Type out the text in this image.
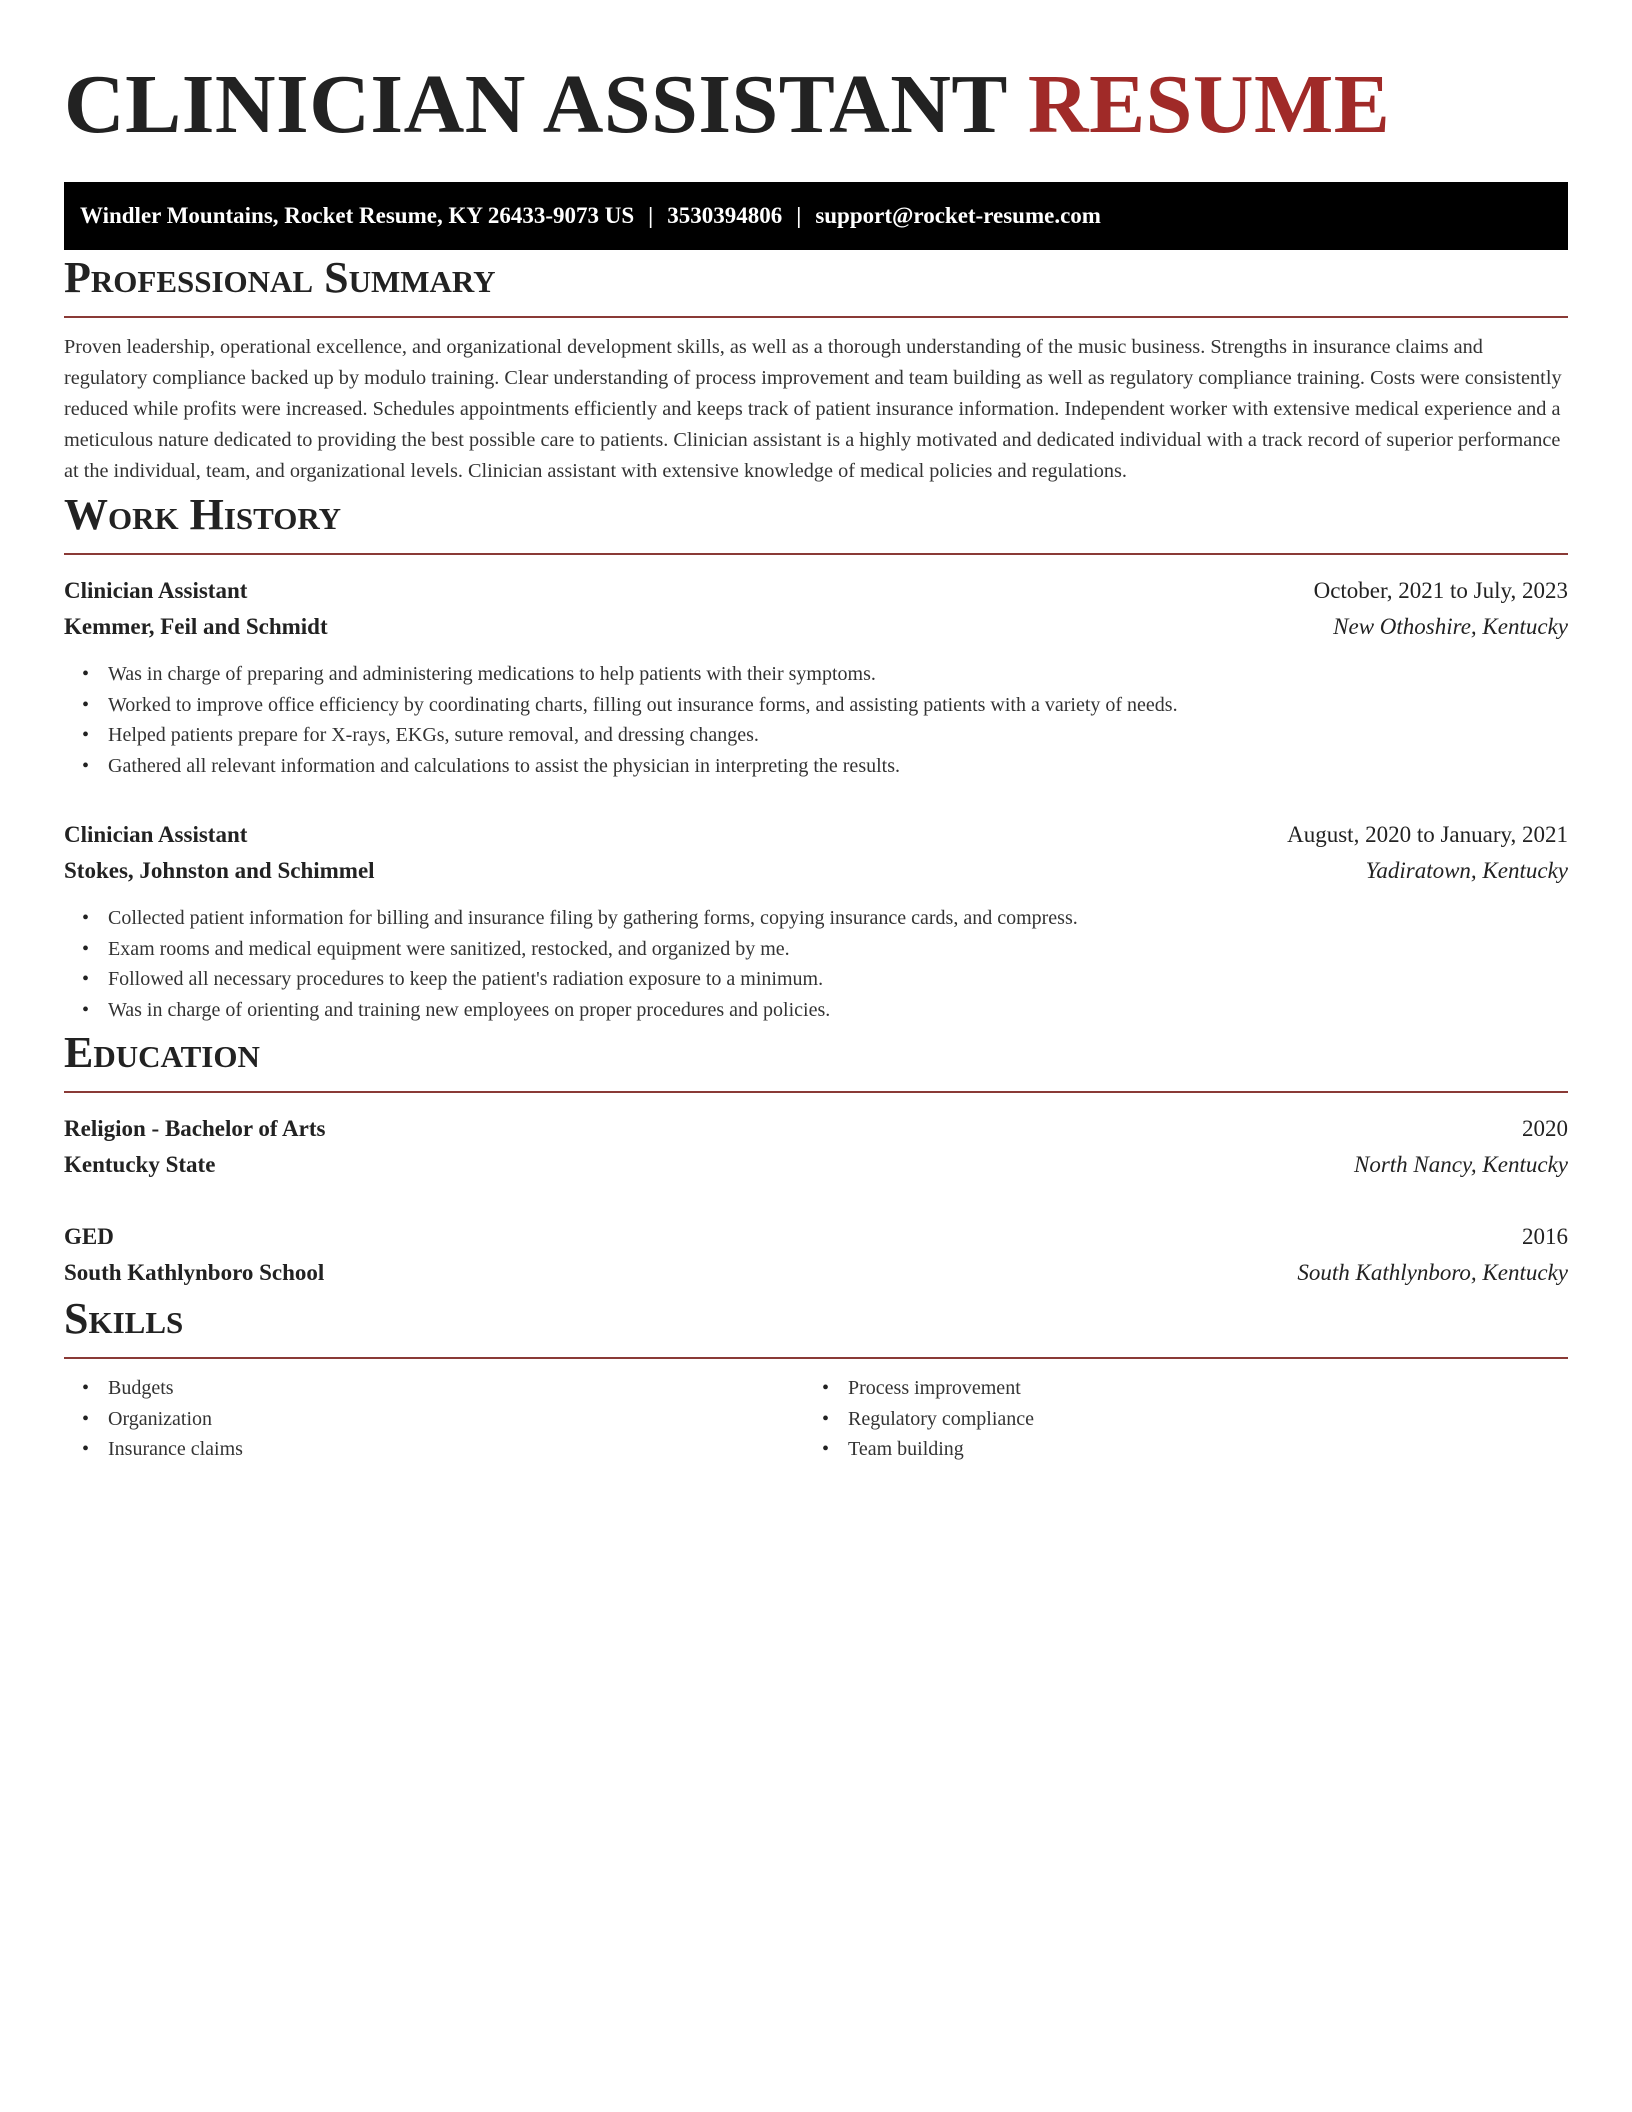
CLINICIAN ASSISTANT RESUME
Windler Mountains, Rocket Resume, KY 26433-9073 US | 3530394806 | support@rocket-resume.com
Professional Summary

Proven leadership, operational excellence, and organizational development skills, as well as a thorough understanding of the music business. Strengths in insurance claims and regulatory compliance backed up by modulo training. Clear understanding of process improvement and team building as well as regulatory compliance training. Costs were consistently reduced while profits were increased. Schedules appointments efficiently and keeps track of patient insurance information. Independent worker with extensive medical experience and a meticulous nature dedicated to providing the best possible care to patients. Clinician assistant is a highly motivated and dedicated individual with a track record of superior performance at the individual, team, and organizational levels. Clinician assistant with extensive knowledge of medical policies and regulations.

Work History
Clinician Assistant	October, 2021 to July, 2023
Kemmer, Feil and Schmidt	New Othoshire, Kentucky
• Was in charge of preparing and administering medications to help patients with their symptoms.
• Worked to improve office efficiency by coordinating charts, filling out insurance forms, and assisting patients with a variety of needs.
• Helped patients prepare for X-rays, EKGs, suture removal, and dressing changes.
• Gathered all relevant information and calculations to assist the physician in interpreting the results.
Clinician Assistant	August, 2020 to January, 2021
Stokes, Johnston and Schimmel	Yadiratown, Kentucky
• Collected patient information for billing and insurance filing by gathering forms, copying insurance cards, and compress.
• Exam rooms and medical equipment were sanitized, restocked, and organized by me.
• Followed all necessary procedures to keep the patient's radiation exposure to a minimum.
• Was in charge of orienting and training new employees on proper procedures and policies.
Education
Religion - Bachelor of Arts	2020
Kentucky State	North Nancy, Kentucky
GED	2016
South Kathlynboro School	South Kathlynboro, Kentucky
Skills
• Budgets
• Organization
• Insurance claims
• Process improvement
• Regulatory compliance
• Team building
